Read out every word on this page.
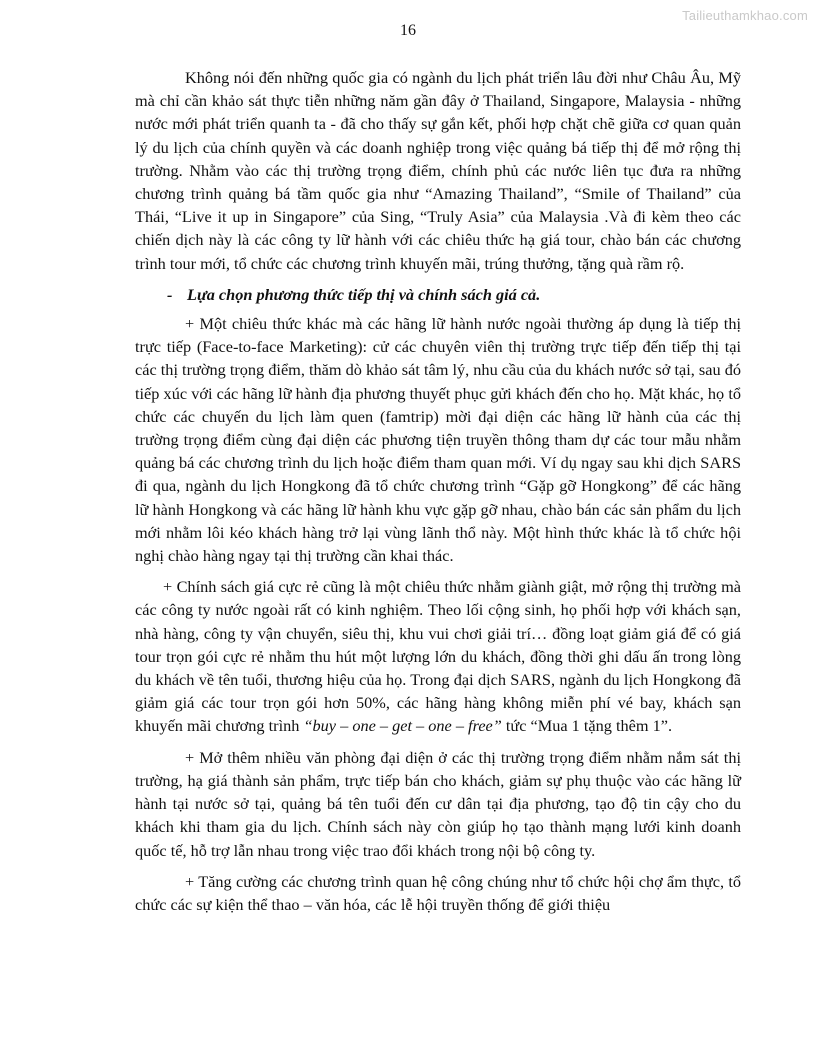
Tailieuthamkhao.com
16

Không nói đến những quốc gia có ngành du lịch phát triển lâu đời như Châu Âu, Mỹ mà chỉ cần khảo sát thực tiễn những năm gần đây ở Thailand, Singapore, Malaysia - những nước mới phát triển quanh ta - đã cho thấy sự gắn kết, phối hợp chặt chẽ giữa cơ quan quản lý du lịch của chính quyền và các doanh nghiệp trong việc quảng bá tiếp thị để mở rộng thị trường. Nhằm vào các thị trường trọng điểm, chính phủ các nước liên tục đưa ra những chương trình quảng bá tầm quốc gia như “Amazing Thailand”, “Smile of Thailand” của Thái, “Live it up in Singapore” của Sing, “Truly Asia” của Malaysia .Và đi kèm theo các chiến dịch này là các công ty lữ hành với các chiêu thức hạ giá tour, chào bán các chương trình tour mới, tổ chức các chương trình khuyến mãi, trúng thưởng, tặng quà rầm rộ.

- Lựa chọn phương thức tiếp thị và chính sách giá cả.

+ Một chiêu thức khác mà các hãng lữ hành nước ngoài thường áp dụng là tiếp thị trực tiếp (Face-to-face Marketing): cử các chuyên viên thị trường trực tiếp đến tiếp thị tại các thị trường trọng điểm, thăm dò khảo sát tâm lý, nhu cầu của du khách nước sở tại, sau đó tiếp xúc với các hãng lữ hành địa phương thuyết phục gửi khách đến cho họ. Mặt khác, họ tổ chức các chuyến du lịch làm quen (famtrip) mời đại diện các hãng lữ hành của các thị trường trọng điểm cùng đại diện các phương tiện truyền thông tham dự các tour mẫu nhằm quảng bá các chương trình du lịch hoặc điểm tham quan mới. Ví dụ ngay sau khi dịch SARS đi qua, ngành du lịch Hongkong đã tổ chức chương trình “Gặp gỡ Hongkong” để các hãng lữ hành Hongkong và các hãng lữ hành khu vực gặp gỡ nhau, chào bán các sản phẩm du lịch mới nhằm lôi kéo khách hàng trở lại vùng lãnh thổ này. Một hình thức khác là tổ chức hội nghị chào hàng ngay tại thị trường cần khai thác.

+ Chính sách giá cực rẻ cũng là một chiêu thức nhằm giành giật, mở rộng thị trường mà các công ty nước ngoài rất có kinh nghiệm. Theo lối cộng sinh, họ phối hợp với khách sạn, nhà hàng, công ty vận chuyển, siêu thị, khu vui chơi giải trí… đồng loạt giảm giá để có giá tour trọn gói cực rẻ nhằm thu hút một lượng lớn du khách, đồng thời ghi dấu ấn trong lòng du khách về tên tuổi, thương hiệu của họ. Trong đại dịch SARS, ngành du lịch Hongkong đã giảm giá các tour trọn gói hơn 50%, các hãng hàng không miễn phí vé bay, khách sạn khuyến mãi chương trình “buy – one – get – one – free” tức “Mua 1 tặng thêm 1”.

+ Mở thêm nhiều văn phòng đại diện ở các thị trường trọng điểm nhằm nắm sát thị trường, hạ giá thành sản phẩm, trực tiếp bán cho khách, giảm sự phụ thuộc vào các hãng lữ hành tại nước sở tại, quảng bá tên tuổi đến cư dân tại địa phương, tạo độ tin cậy cho du khách khi tham gia du lịch. Chính sách này còn giúp họ tạo thành mạng lưới kinh doanh quốc tế, hỗ trợ lẫn nhau trong việc trao đổi khách trong nội bộ công ty.

+ Tăng cường các chương trình quan hệ công chúng như tổ chức hội chợ ẩm thực, tổ chức các sự kiện thể thao – văn hóa, các lễ hội truyền thống để giới thiệu
